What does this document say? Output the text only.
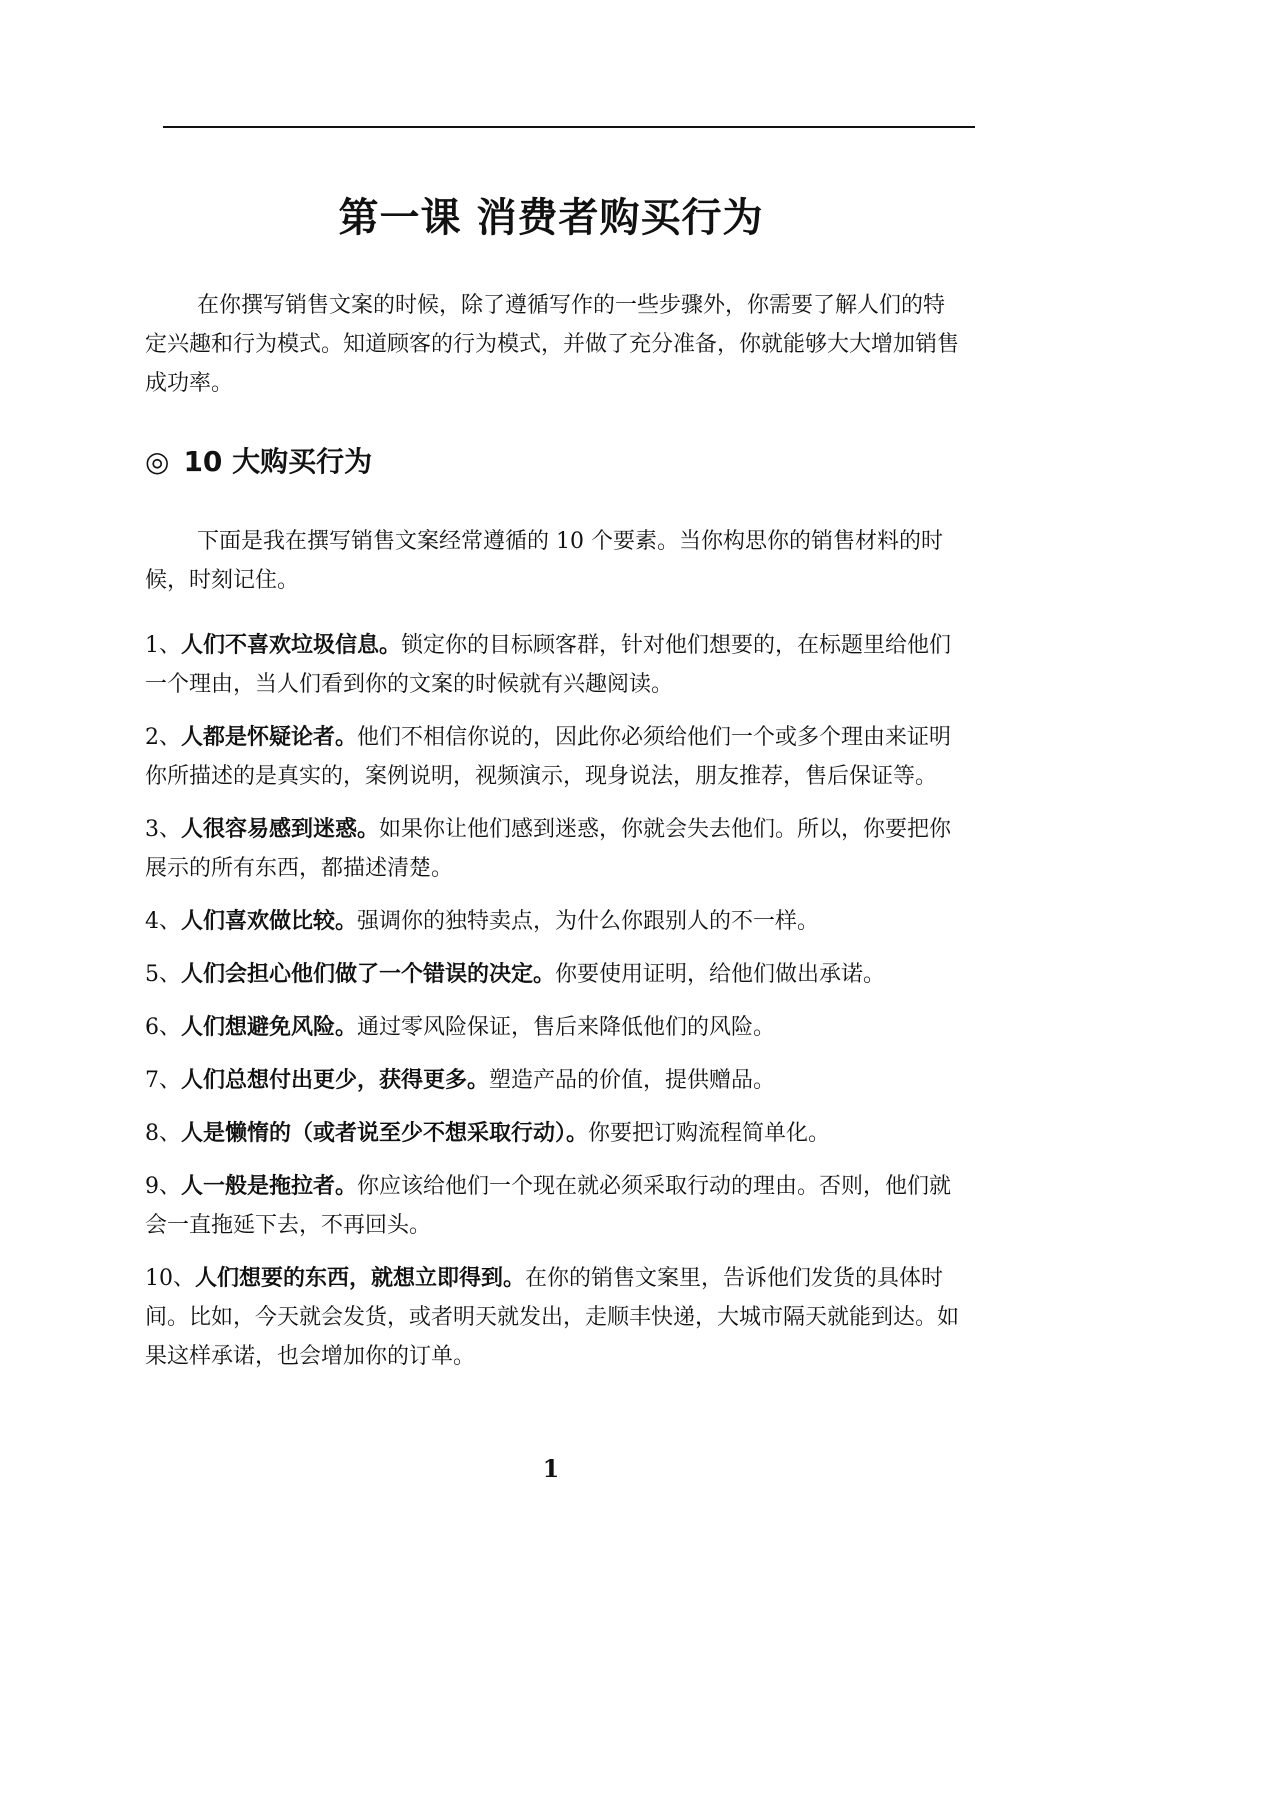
第一课 消费者购买行为
在你撰写销售文案的时候，除了遵循写作的一些步骤外，你需要了解人们的特定兴趣和行为模式。知道顾客的行为模式，并做了充分准备，你就能够大大增加销售成功率。
◎ 10 大购买行为
下面是我在撰写销售文案经常遵循的 10 个要素。当你构思你的销售材料的时候，时刻记住。
1、人们不喜欢垃圾信息。锁定你的目标顾客群，针对他们想要的，在标题里给他们一个理由，当人们看到你的文案的时候就有兴趣阅读。
2、人都是怀疑论者。他们不相信你说的，因此你必须给他们一个或多个理由来证明你所描述的是真实的，案例说明，视频演示，现身说法，朋友推荐，售后保证等。
3、人很容易感到迷惑。如果你让他们感到迷惑，你就会失去他们。所以，你要把你展示的所有东西，都描述清楚。
4、人们喜欢做比较。强调你的独特卖点，为什么你跟别人的不一样。
5、人们会担心他们做了一个错误的决定。你要使用证明，给他们做出承诺。
6、人们想避免风险。通过零风险保证，售后来降低他们的风险。
7、人们总想付出更少，获得更多。塑造产品的价值，提供赠品。
8、人是懒惰的（或者说至少不想采取行动）。你要把订购流程简单化。
9、人一般是拖拉者。你应该给他们一个现在就必须采取行动的理由。否则，他们就会一直拖延下去，不再回头。
10、人们想要的东西，就想立即得到。在你的销售文案里，告诉他们发货的具体时间。比如，今天就会发货，或者明天就发出，走顺丰快递，大城市隔天就能到达。如果这样承诺，也会增加你的订单。
1
